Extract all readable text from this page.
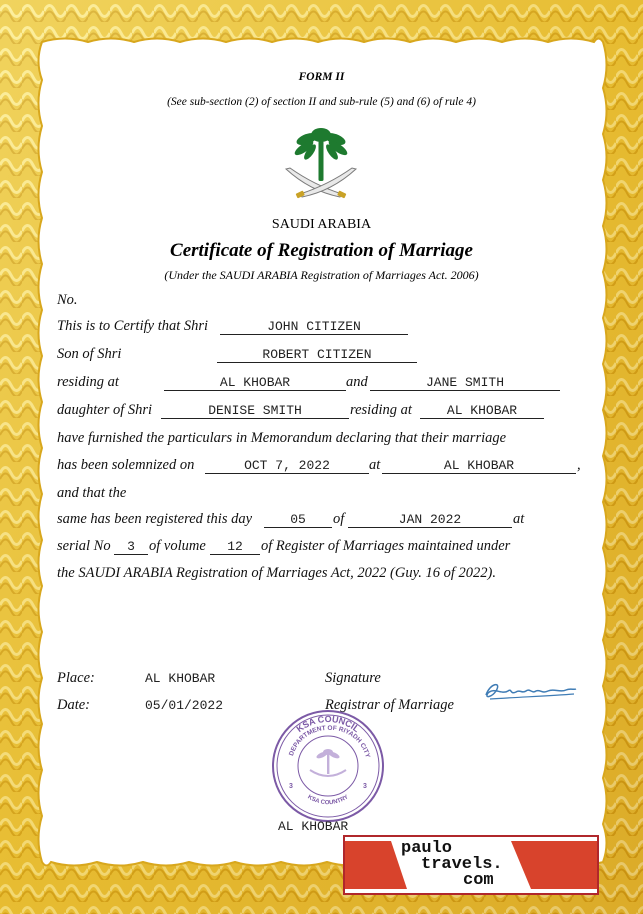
FORM II
(See sub-section (2) of section II and sub-rule (5) and (6) of rule 4)
SAUDI ARABIA
Certificate of Registration of Marriage
(Under the SAUDI ARABIA Registration of Marriages Act. 2006)
No.
This is to Certify that Shri	JOHN CITIZEN
Son of Shri	ROBERT CITIZEN
residing at	AL KHOBAR	and	JANE SMITH
daughter of Shri	DENISE SMITH	residing at	AL KHOBAR
have furnished the particulars in Memorandum declaring that their marriage
has been solemnized on	OCT 7, 2022	at	AL KHOBAR	,
and that the
same has been registered this day	05	of	JAN 2022	at
serial No	3 of volume	12	of Register of Marriages maintained under
the SAUDI ARABIA Registration of Marriages Act, 2022 (Guy. 16 of 2022).
Place:	AL KHOBAR	Signature
Date:	05/01/2022	Registrar of Marriage
KSA COUNCIL
DEPARTMENT OF RIYADH CITY
KSA COUNTRY
3	3
AL KHOBAR
paulo
travels.
com
